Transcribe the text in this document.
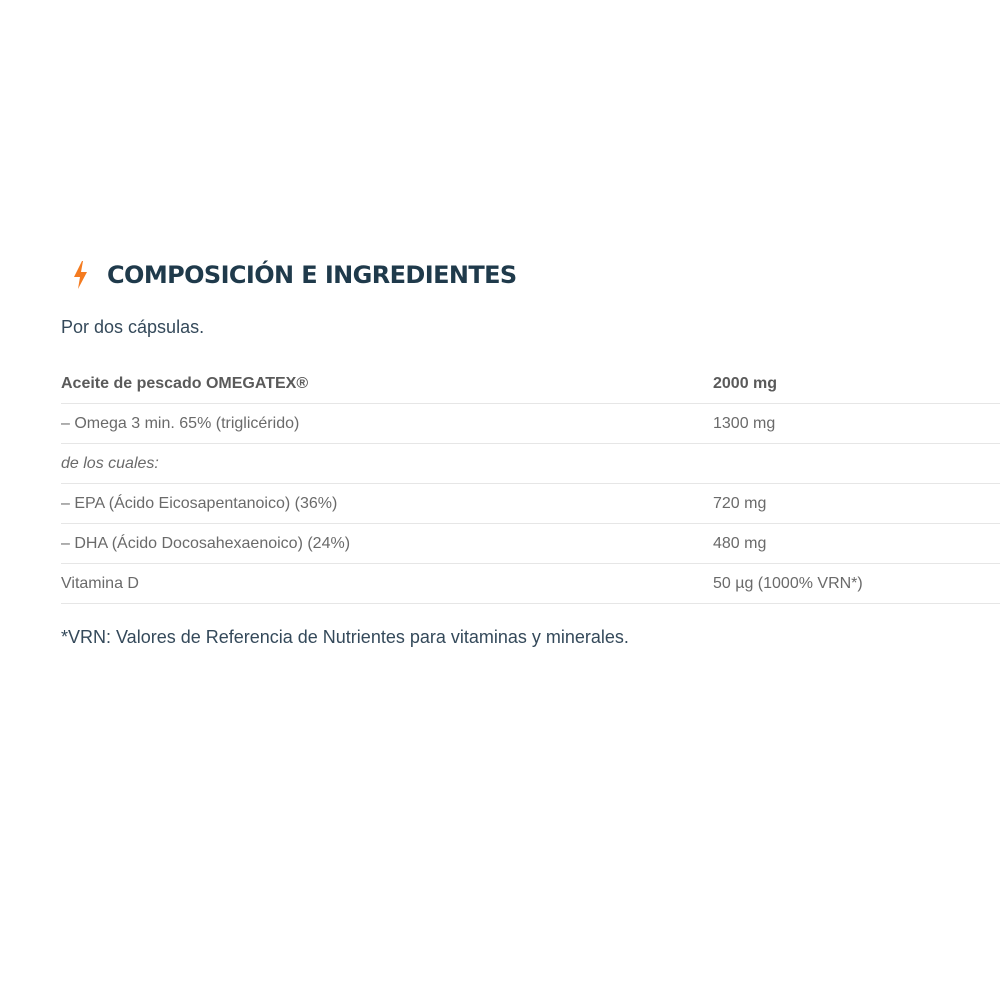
COMPOSICIÓN E INGREDIENTES
Por dos cápsulas.
Aceite de pescado OMEGATEX®	2000 mg
– Omega 3 min. 65% (triglicérido)	1300 mg
de los cuales:	
– EPA (Ácido Eicosapentanoico) (36%)	720 mg
– DHA (Ácido Docosahexaenoico) (24%)	480 mg
Vitamina D	50 µg (1000% VRN*)
*VRN: Valores de Referencia de Nutrientes para vitaminas y minerales.
